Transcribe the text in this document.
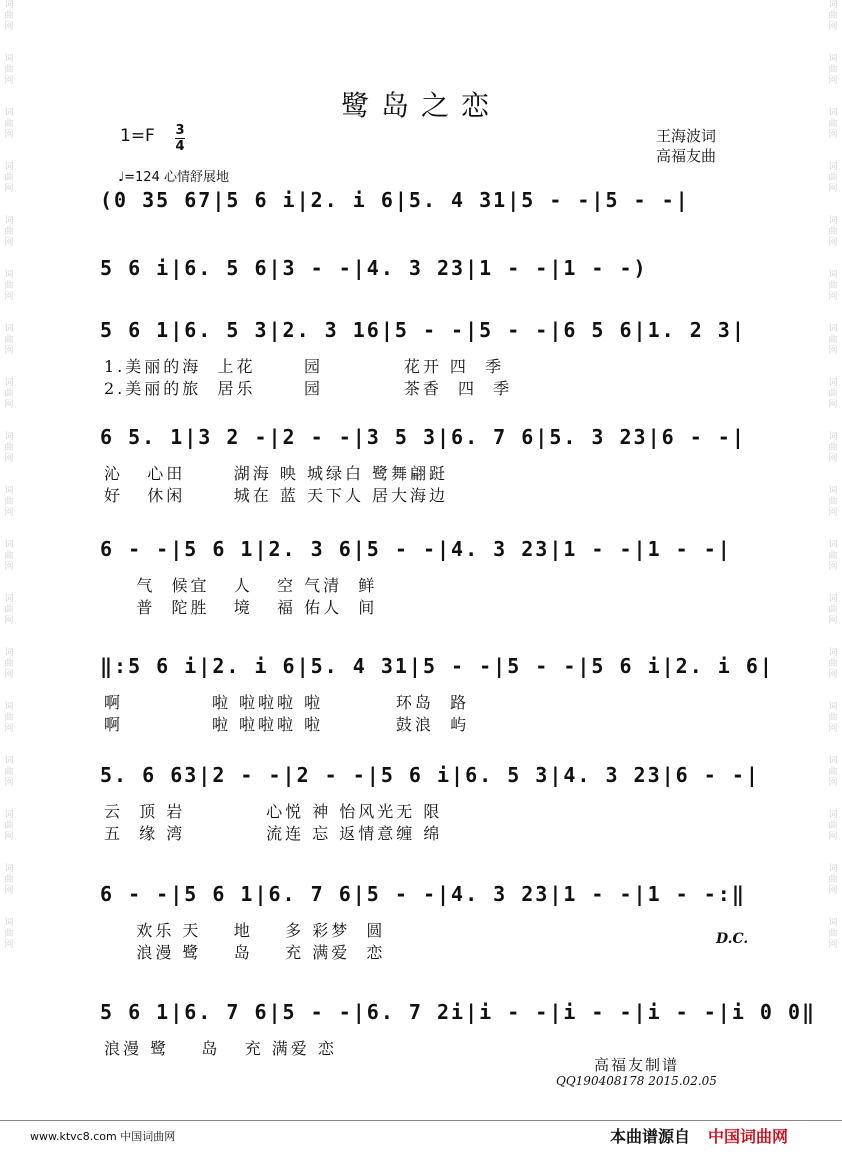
词
曲
网
词
曲
网
词
曲
网
词
曲
网
词
曲
网
词
曲
网
词
曲
网
词
曲
网
词
曲
网
词
曲
网
词
曲
网
词
曲
网
词
曲
网
词
曲
网
词
曲
网
词
曲
网
词
曲
网
词
曲
网
词
曲
网
词
曲
网
词
曲
网
词
曲
网
词
曲
网
词
曲
网
词
曲
网
词
曲
网
词
曲
网
词
曲
网
词
曲
网
词
曲
网
词
曲
网
词
曲
网
词
曲
网
词
曲
网
词
曲
网
词
曲
网
鹭岛之恋
1=F 3
4
王海波词
高福友曲
♩=124 心情舒展地
(0 35 67|5 6 i|2. i 6|5. 4 31|5 - -|5 - -|
5 6 i|6. 5 6|3 - -|4. 3 23|1 - -|1 - -)
5 6 1|6. 5 3|2. 3 16|5 - -|5 - -|6 5 6|1. 2 3|
1.美丽的海  上花      园          花开 四  季
2.美丽的旅  居乐      园          茶香  四  季
6 5. 1|3 2 -|2 - -|3 5 3|6. 7 6|5. 3 23|6 - -|
沁   心田      湖海 映 城绿白 鹭舞翩跹
好   休闲      城在 蓝 天下人 居大海边
6 - -|5 6 1|2. 3 6|5 - -|4. 3 23|1 - -|1 - -|
气  候宜   人   空 气清  鲜
普  陀胜   境   福 佑人  间
‖:5 6 i|2. i 6|5. 4 31|5 - -|5 - -|5 6 i|2. i 6|
啊           啦 啦啦啦 啦         环岛  路
啊           啦 啦啦啦 啦         鼓浪  屿
5. 6 63|2 - -|2 - -|5 6 i|6. 5 3|4. 3 23|6 - -|
云  顶 岩          心悦 神 怡风光无 限
五  缘 湾          流连 忘 返情意缠 绵
6 - -|5 6 1|6. 7 6|5 - -|4. 3 23|1 - -|1 - -:‖
欢乐 天    地    多 彩梦  圆
浪漫 鹭    岛    充 满爱  恋
5 6 1|6. 7 6|5 - -|6. 7 2i|i - -|i - -|i - -|i 0 0‖
浪漫 鹭    岛   充 满爱 恋
D.C.
高福友制谱
QQ190408178 2015.02.05
www.ktvc8.com 中国词曲网	本曲谱源自 中国词曲网
